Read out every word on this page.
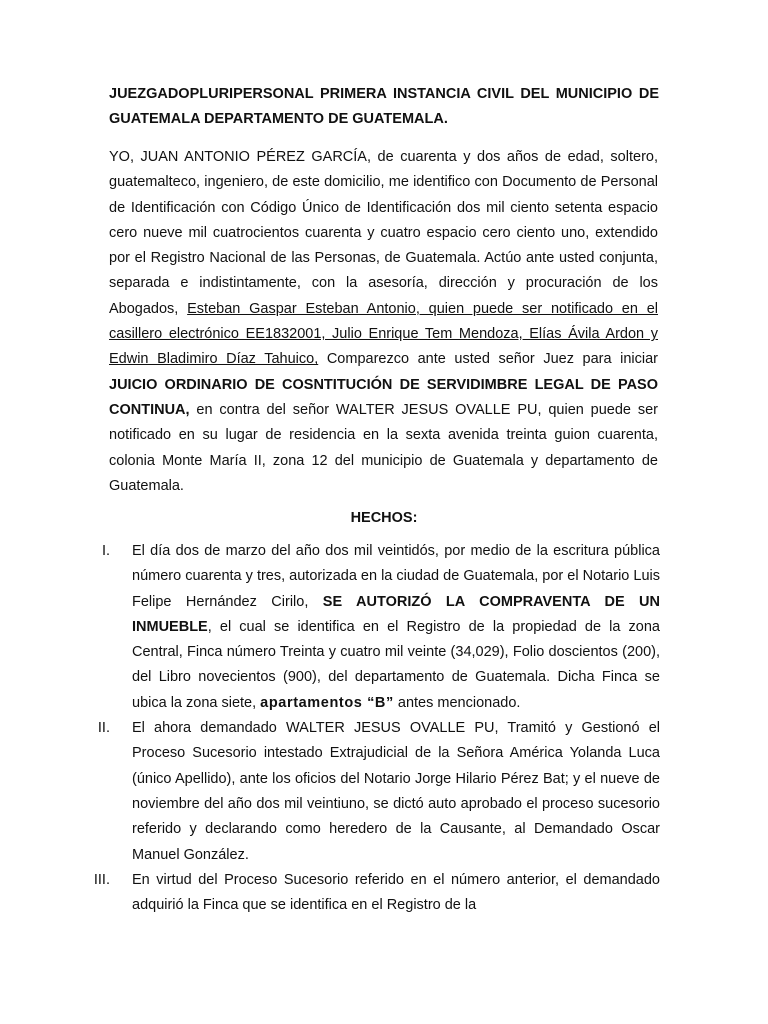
JUEZGADOPLURIPERSONAL PRIMERA INSTANCIA CIVIL DEL MUNICIPIO DE GUATEMALA DEPARTAMENTO DE GUATEMALA.

YO, JUAN ANTONIO PÉREZ GARCÍA, de cuarenta y dos años de edad, soltero, guatemalteco, ingeniero, de este domicilio, me identifico con Documento de Personal de Identificación con Código Único de Identificación dos mil ciento setenta espacio cero nueve mil cuatrocientos cuarenta y cuatro espacio cero ciento uno, extendido por el Registro Nacional de las Personas, de Guatemala. Actúo ante usted conjunta, separada e indistintamente, con la asesoría, dirección y procuración de los Abogados, Esteban Gaspar Esteban Antonio, quien puede ser notificado en el casillero electrónico EE1832001, Julio Enrique Tem Mendoza, Elías Ávila Ardon y Edwin Bladimiro Díaz Tahuico, Comparezco ante usted señor Juez para iniciar JUICIO ORDINARIO DE COSNTITUCIÓN DE SERVIDIMBRE LEGAL DE PASO CONTINUA, en contra del señor WALTER JESUS OVALLE PU, quien puede ser notificado en su lugar de residencia en la sexta avenida treinta guion cuarenta, colonia Monte María II, zona 12 del municipio de Guatemala y departamento de Guatemala.

HECHOS:

I. El día dos de marzo del año dos mil veintidós, por medio de la escritura pública número cuarenta y tres, autorizada en la ciudad de Guatemala, por el Notario Luis Felipe Hernández Cirilo, SE AUTORIZÓ LA COMPRAVENTA DE UN INMUEBLE, el cual se identifica en el Registro de la propiedad de la zona Central, Finca número Treinta y cuatro mil veinte (34,029), Folio doscientos (200), del Libro novecientos (900), del departamento de Guatemala. Dicha Finca se ubica la zona siete, apartamentos “B” antes mencionado.
II. El ahora demandado WALTER JESUS OVALLE PU, Tramitó y Gestionó el Proceso Sucesorio intestado Extrajudicial de la Señora América Yolanda Luca (único Apellido), ante los oficios del Notario Jorge Hilario Pérez Bat; y el nueve de noviembre del año dos mil veintiuno, se dictó auto aprobado el proceso sucesorio referido y declarando como heredero de la Causante, al Demandado Oscar Manuel González.
III. En virtud del Proceso Sucesorio referido en el número anterior, el demandado adquirió la Finca que se identifica en el Registro de la
